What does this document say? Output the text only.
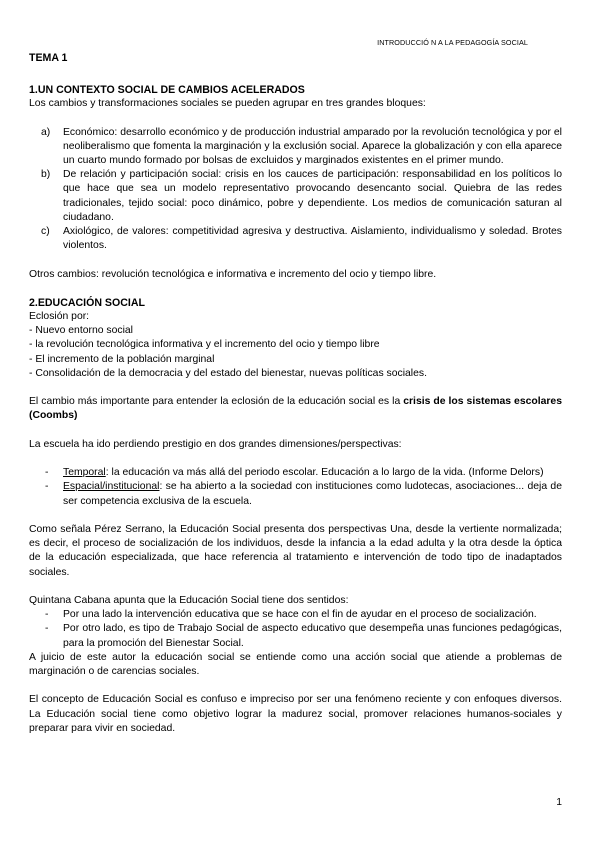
INTRODUCCIÓ N A LA PEDAGOGÍA SOCIAL
TEMA 1
1.UN CONTEXTO SOCIAL DE CAMBIOS ACELERADOS

Los cambios y transformaciones sociales se pueden agrupar en tres grandes bloques:

a) Económico: desarrollo económico y de producción industrial amparado por la revolución tecnológica y por el neoliberalismo que fomenta la marginación y la exclusión social. Aparece la globalización y con ella aparece un cuarto mundo formado por bolsas de excluidos y marginados existentes en el primer mundo.
b) De relación y participación social: crisis en los cauces de participación: responsabilidad en los políticos lo que hace que sea un modelo representativo provocando desencanto social. Quiebra de las redes tradicionales, tejido social: poco dinámico, pobre y dependiente. Los medios de comunicación saturan al ciudadano.
c) Axiológico, de valores: competitividad agresiva y destructiva. Aislamiento, individualismo y soledad. Brotes violentos.

Otros cambios: revolución tecnológica e informativa e incremento del ocio y tiempo libre.

2.EDUCACIÓN SOCIAL

Eclosión por:

- Nuevo entorno social

- la revolución tecnológica informativa y el incremento del ocio y tiempo libre

- El incremento de la población marginal

- Consolidación de la democracia y del estado del bienestar, nuevas políticas sociales.

El cambio más importante para entender la eclosión de la educación social es la crisis de los sistemas escolares (Coombs)

La escuela ha ido perdiendo prestigio en dos grandes dimensiones/perspectivas:

- Temporal: la educación va más allá del periodo escolar. Educación a lo largo de la vida. (Informe Delors)
- Espacial/institucional: se ha abierto a la sociedad con instituciones como ludotecas, asociaciones... deja de ser competencia exclusiva de la escuela.

Como señala Pérez Serrano, la Educación Social presenta dos perspectivas Una, desde la vertiente normalizada; es decir, el proceso de socialización de los individuos, desde la infancia a la edad adulta y la otra desde la óptica de la educación especializada, que hace referencia al tratamiento e intervención de todo tipo de inadaptados sociales.

Quintana Cabana apunta que la Educación Social tiene dos sentidos:

- Por una lado la intervención educativa que se hace con el fin de ayudar en el proceso de socialización.
- Por otro lado, es tipo de Trabajo Social de aspecto educativo que desempeña unas funciones pedagógicas, para la promoción del Bienestar Social.

A juicio de este autor la educación social se entiende como una acción social que atiende a problemas de marginación o de carencias sociales.

El concepto de Educación Social es confuso e impreciso por ser una fenómeno reciente y con enfoques diversos. La Educación social tiene como objetivo lograr la madurez social, promover relaciones humanos-sociales y preparar para vivir en sociedad.

1
